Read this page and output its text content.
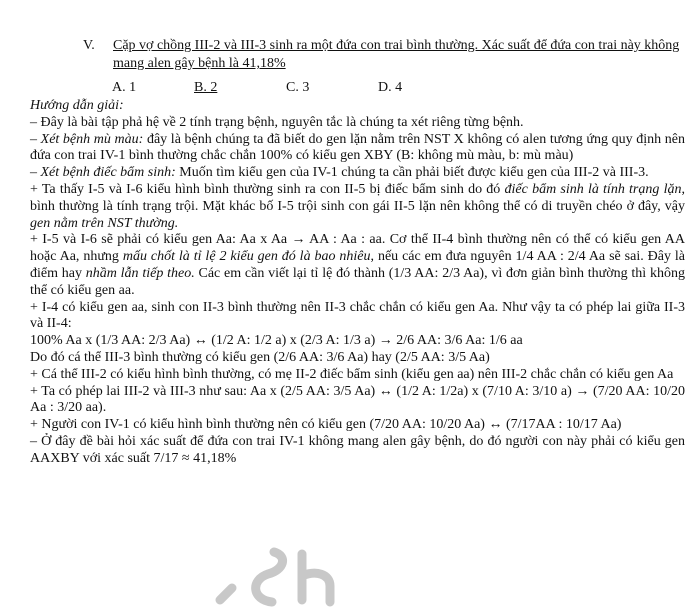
V. Cặp vợ chồng III-2 và III-3 sinh ra một đứa con trai bình thường. Xác suất để đứa con trai này không mang alen gây bệnh là 41,18%
A. 1	B. 2	C. 3	D. 4

Hướng dẫn giải:

– Đây là bài tập phả hệ về 2 tính trạng bệnh, nguyên tắc là chúng ta xét riêng từng bệnh.

– Xét bệnh mù màu: đây là bệnh chúng ta đã biết do gen lặn nằm trên NST X không có alen tương ứng quy định nên đứa con trai IV-1 bình thường chắc chắn 100% có kiểu gen XBY (B: không mù màu, b: mù màu)

– Xét bệnh điếc bẩm sinh: Muốn tìm kiểu gen của IV-1 chúng ta cần phải biết được kiểu gen của III-2 và III-3.

+ Ta thấy I-5 và I-6 kiểu hình bình thường sinh ra con II-5 bị điếc bẩm sinh do đó điếc bẩm sinh là tính trạng lặn, bình thường là tính trạng trội. Mặt khác bố I-5 trội sinh con gái II-5 lặn nên không thể có di truyền chéo ở đây, vậy gen nằm trên NST thường.

+ I-5 và I-6 sẽ phải có kiểu gen Aa: Aa x Aa → AA : Aa : aa. Cơ thể II-4 bình thường nên có thể có kiểu gen AA hoặc Aa, nhưng mấu chốt là tỉ lệ 2 kiểu gen đó là bao nhiêu, nếu các em đưa nguyên 1/4 AA : 2/4 Aa sẽ sai. Đây là điểm hay nhầm lẫn tiếp theo. Các em cần viết lại tỉ lệ đó thành (1/3 AA: 2/3 Aa), vì đơn giản bình thường thì không thể có kiểu gen aa.

+ I-4 có kiểu gen aa, sinh con II-3 bình thường nên II-3 chắc chắn có kiểu gen Aa. Như vậy ta có phép lai giữa II-3 và II-4:

100% Aa x (1/3 AA: 2/3 Aa) ↔ (1/2 A: 1/2 a) x (2/3 A: 1/3 a) → 2/6 AA: 3/6 Aa: 1/6 aa

Do đó cá thể III-3 bình thường có kiểu gen (2/6 AA: 3/6 Aa) hay (2/5 AA: 3/5 Aa)

+ Cá thể III-2 có kiểu hình bình thường, có mẹ II-2 điếc bẩm sinh (kiểu gen aa) nên III-2 chắc chắn có kiểu gen Aa

+ Ta có phép lai III-2 và III-3 như sau: Aa x (2/5 AA: 3/5 Aa) ↔ (1/2 A: 1/2a) x (7/10 A: 3/10 a) → (7/20 AA: 10/20 Aa : 3/20 aa).

+ Người con IV-1 có kiểu hình bình thường nên có kiểu gen (7/20 AA: 10/20 Aa) ↔ (7/17AA : 10/17 Aa)

– Ở đây đề bài hỏi xác suất để đứa con trai IV-1 không mang alen gây bệnh, do đó người con này phải có kiểu gen AAXBY với xác suất 7/17 ≈ 41,18%
